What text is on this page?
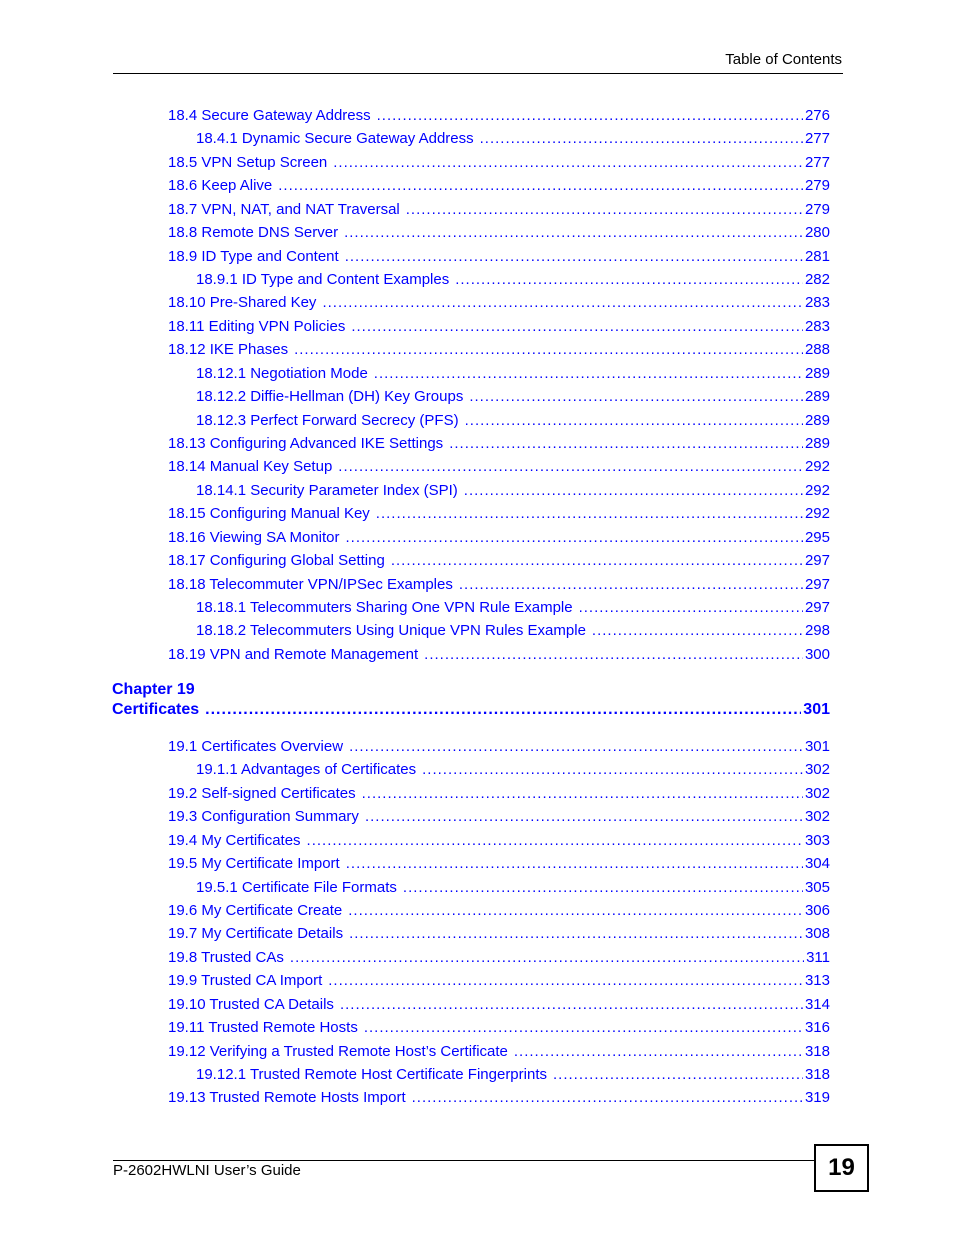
Table of Contents
18.4 Secure Gateway Address .....	276
18.4.1 Dynamic Secure Gateway Address .....	277
18.5 VPN Setup Screen .....	277
18.6 Keep Alive .....	279
18.7 VPN, NAT, and NAT Traversal .....	279
18.8 Remote DNS Server .....	280
18.9 ID Type and Content .....	281
18.9.1 ID Type and Content Examples .....	282
18.10 Pre-Shared Key .....	283
18.11 Editing VPN Policies .....	283
18.12 IKE Phases .....	288
18.12.1 Negotiation Mode .....	289
18.12.2 Diffie-Hellman (DH) Key Groups .....	289
18.12.3 Perfect Forward Secrecy (PFS) .....	289
18.13 Configuring Advanced IKE Settings .....	289
18.14 Manual Key Setup .....	292
18.14.1 Security Parameter Index (SPI) .....	292
18.15 Configuring Manual Key .....	292
18.16 Viewing SA Monitor .....	295
18.17 Configuring Global Setting .....	297
18.18 Telecommuter VPN/IPSec Examples .....	297
18.18.1 Telecommuters Sharing One VPN Rule Example .....	297
18.18.2 Telecommuters Using Unique VPN Rules Example .....	298
18.19 VPN and Remote Management .....	300
Chapter 19
Certificates .....	301
19.1 Certificates Overview .....	301
19.1.1 Advantages of Certificates .....	302
19.2 Self-signed Certificates .....	302
19.3 Configuration Summary .....	302
19.4 My Certificates .....	303
19.5 My Certificate Import .....	304
19.5.1 Certificate File Formats .....	305
19.6 My Certificate Create .....	306
19.7 My Certificate Details .....	308
19.8 Trusted CAs .....	311
19.9 Trusted CA Import .....	313
19.10 Trusted CA Details .....	314
19.11 Trusted Remote Hosts .....	316
19.12 Verifying a Trusted Remote Host’s Certificate .....	318
19.12.1 Trusted Remote Host Certificate Fingerprints .....	318
19.13 Trusted Remote Hosts Import .....	319
P-2602HWLNI User’s Guide	19
